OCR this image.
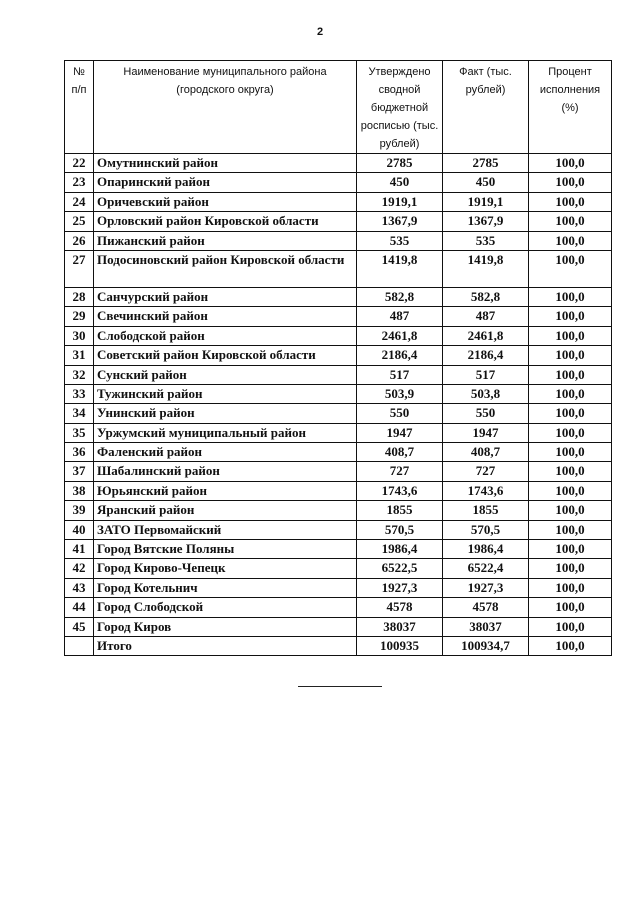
2
№ п/п	Наименование муниципального района (городского округа)	Утверждено сводной бюджетной росписью (тыс. рублей)	Факт (тыс. рублей)	Процент исполнения (%)
22	Омутнинский район	2785	2785	100,0
23	Опаринский район	450	450	100,0
24	Оричевский район	1919,1	1919,1	100,0
25	Орловский район Кировской области	1367,9	1367,9	100,0
26	Пижанский район	535	535	100,0
27	Подосиновский район Кировской области	1419,8	1419,8	100,0
28	Санчурский район	582,8	582,8	100,0
29	Свечинский район	487	487	100,0
30	Слободской район	2461,8	2461,8	100,0
31	Советский район Кировской области	2186,4	2186,4	100,0
32	Сунский район	517	517	100,0
33	Тужинский район	503,9	503,8	100,0
34	Унинский район	550	550	100,0
35	Уржумский муниципальный район	1947	1947	100,0
36	Фаленский район	408,7	408,7	100,0
37	Шабалинский район	727	727	100,0
38	Юрьянский район	1743,6	1743,6	100,0
39	Яранский район	1855	1855	100,0
40	ЗАТО Первомайский	570,5	570,5	100,0
41	Город Вятские Поляны	1986,4	1986,4	100,0
42	Город Кирово-Чепецк	6522,5	6522,4	100,0
43	Город Котельнич	1927,3	1927,3	100,0
44	Город Слободской	4578	4578	100,0
45	Город Киров	38037	38037	100,0
	Итого	100935	100934,7	100,0
